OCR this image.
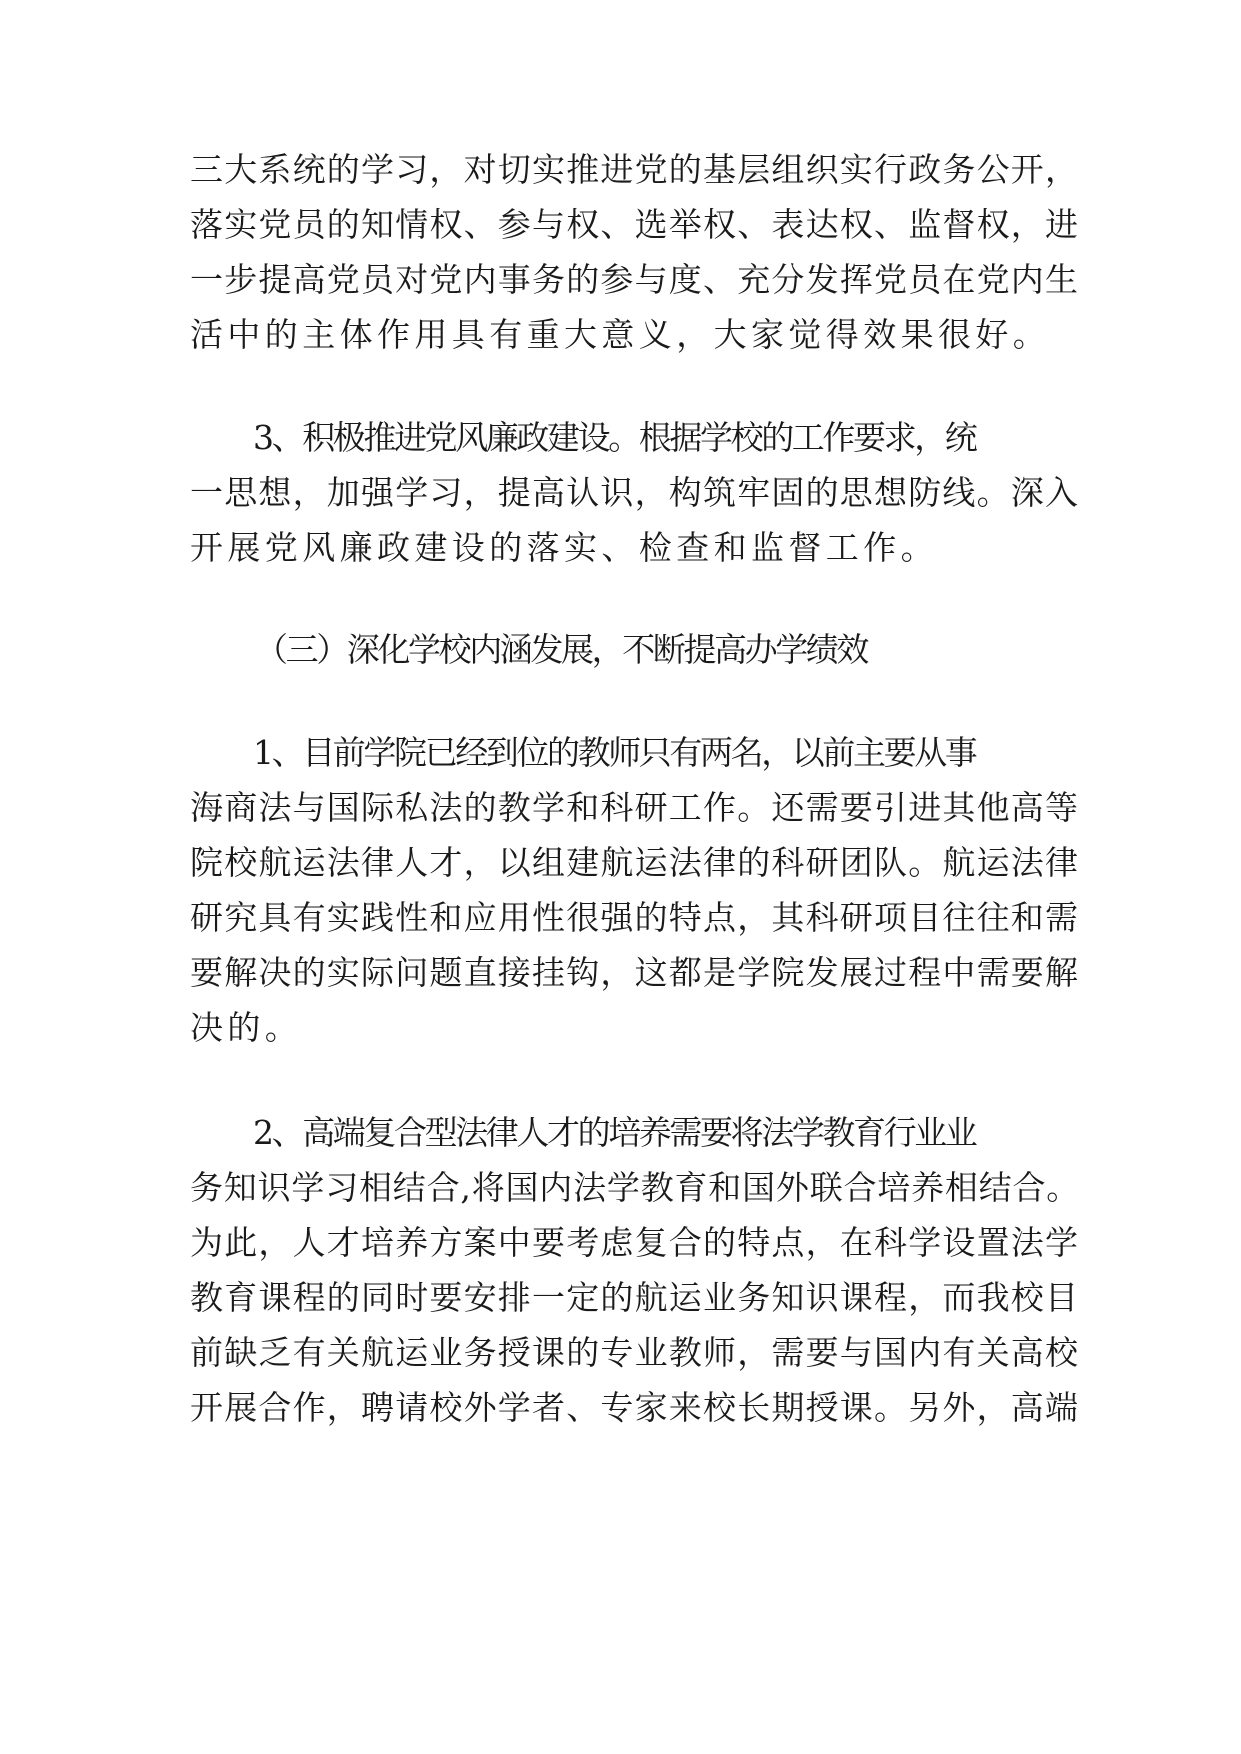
三大系统的学习，对切实推进党的基层组织实行政务公开，
落实党员的知情权、参与权、选举权、表达权、监督权，进
一步提高党员对党内事务的参与度、充分发挥党员在党内生
活中的主体作用具有重大意义，大家觉得效果很好。
3、积极推进党风廉政建设。根据学校的工作要求，统
一思想，加强学习，提高认识，构筑牢固的思想防线。深入
开展党风廉政建设的落实、检查和监督工作。
（三）深化学校内涵发展，不断提高办学绩效
1、目前学院已经到位的教师只有两名，以前主要从事
海商法与国际私法的教学和科研工作。还需要引进其他高等
院校航运法律人才，以组建航运法律的科研团队。航运法律
研究具有实践性和应用性很强的特点，其科研项目往往和需
要解决的实际问题直接挂钩，这都是学院发展过程中需要解
决的。
2、高端复合型法律人才的培养需要将法学教育行业业
务知识学习相结合,将国内法学教育和国外联合培养相结合。
为此，人才培养方案中要考虑复合的特点，在科学设置法学
教育课程的同时要安排一定的航运业务知识课程，而我校目
前缺乏有关航运业务授课的专业教师，需要与国内有关高校
开展合作，聘请校外学者、专家来校长期授课。另外，高端
